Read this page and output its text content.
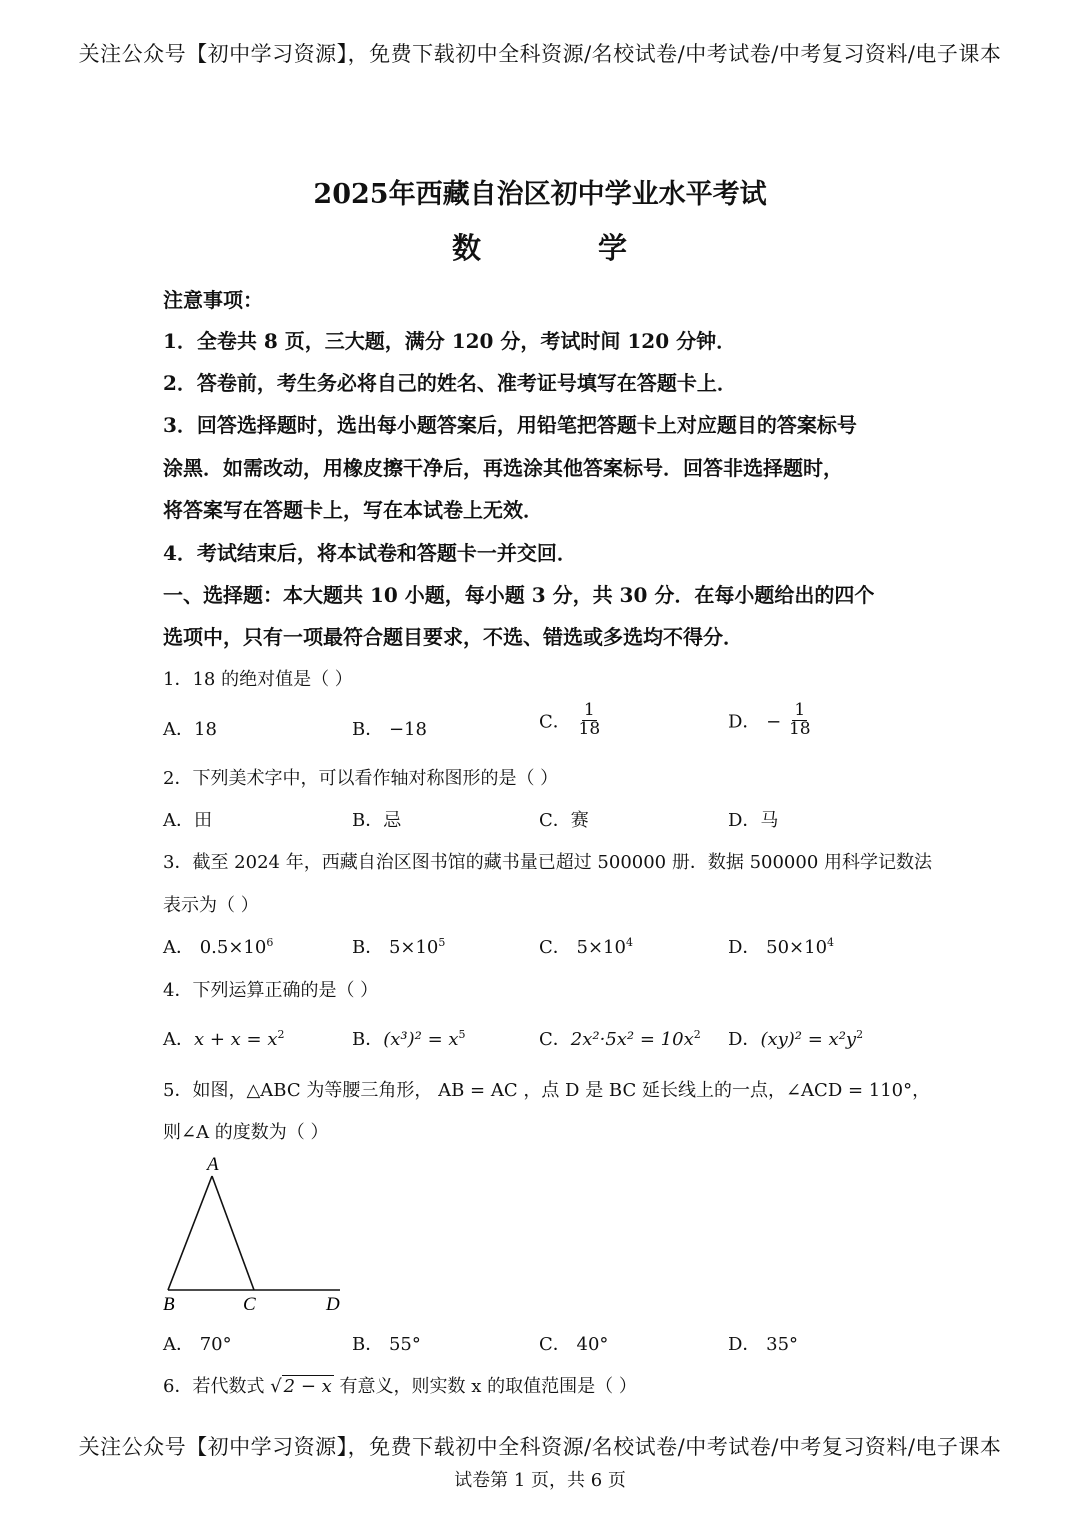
关注公众号【初中学习资源】，免费下载初中全科资源/名校试卷/中考试卷/中考复习资料/电子课本
2025年西藏自治区初中学业水平考试
数	学
注意事项：
1．全卷共 8 页，三大题，满分 120 分，考试时间 120 分钟．
2．答卷前，考生务必将自己的姓名、准考证号填写在答题卡上．
3．回答选择题时，选出每小题答案后，用铅笔把答题卡上对应题目的答案标号
涂黑．如需改动，用橡皮擦干净后，再选涂其他答案标号．回答非选择题时，
将答案写在答题卡上，写在本试卷上无效．
4．考试结束后，将本试卷和答题卡一并交回．
一、选择题：本大题共 10 小题，每小题 3 分，共 30 分．在每小题给出的四个
选项中，只有一项最符合题目要求，不选、错选或多选均不得分．
1．18 的绝对值是（ ）
A．18	B． −18	C． $\frac{1}{18}$	D． − $\frac{1}{18}$
2．下列美术字中，可以看作轴对称图形的是（ ）
A．田	B．忌	C．赛	D．马
3．截至 2024 年，西藏自治区图书馆的藏书量已超过 500000 册．数据 500000 用科学记数法
表示为（ ）
A． $0.5\times 10^6$	B． $5\times 10^5$	C． $5\times 10^4$	D． $50\times 10^4$
4．下列运算正确的是（ ）
A．$x + x = x^2$	B．$(x^3)^2 = x^5$	C．$2x^2\cdot 5x^2 = 10x^2$ D．$(xy)^2 = x^2y^2$
5．如图，△ABC 为等腰三角形， AB = AC ，点 D 是 BC 延长线上的一点，∠ACD = 110°，
则∠A 的度数为（ ）
A
B	C	D
A． 70°	B． 55°	C． 40°	D． 35°
6．若代数式 √ 2 − x 有意义，则实数 x 的取值范围是（ ）
关注公众号【初中学习资源】，免费下载初中全科资源/名校试卷/中考试卷/中考复习资料/电子课本
试卷第 1 页，共 6 页
